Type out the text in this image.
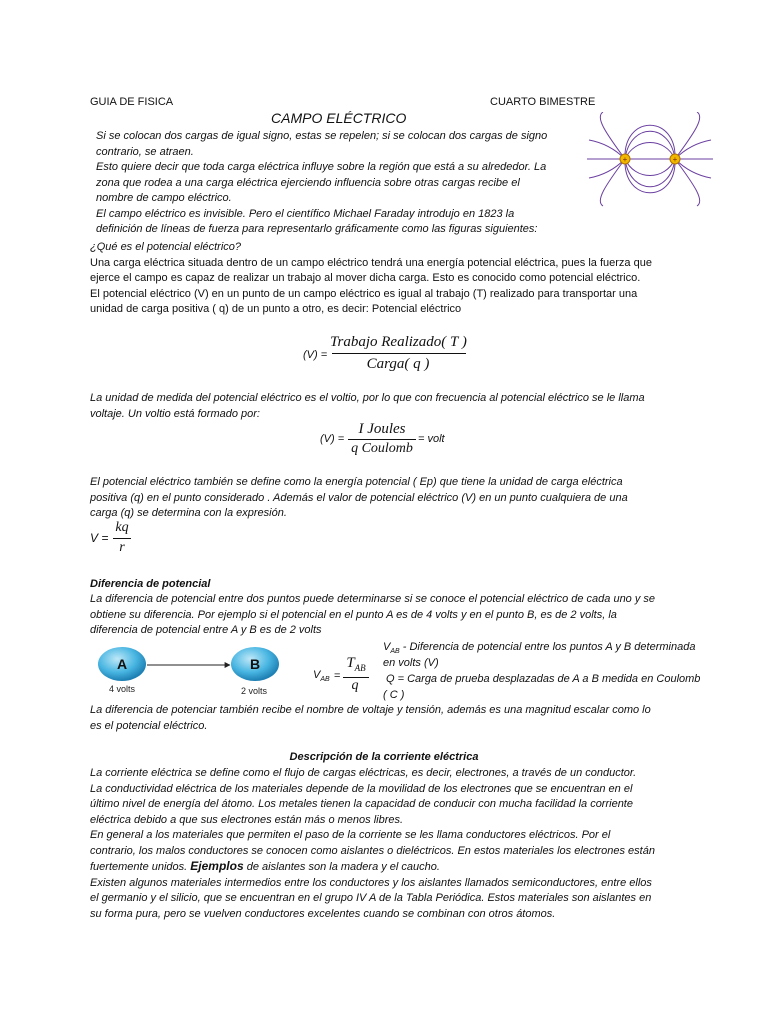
GUIA DE FISICA	CUARTO BIMESTRE
CAMPO ELÉCTRICO
Si se colocan dos cargas de igual signo, estas se repelen; si se colocan dos cargas de signo
contrario, se atraen.
Esto quiere decir que toda carga eléctrica influye sobre la región que está a su alrededor. La
zona que rodea a una carga eléctrica ejerciendo influencia sobre otras cargas recibe el
nombre de campo eléctrico.
El campo eléctrico es invisible. Pero el científico Michael Faraday introdujo en 1823 la
definición de líneas de fuerza para representarlo gráficamente como las figuras siguientes:
+	+
¿Qué es el potencial eléctrico?
Una carga eléctrica situada dentro de un campo eléctrico tendrá una energía potencial eléctrica, pues la fuerza que
ejerce el campo es capaz de realizar un trabajo al mover dicha carga. Esto es conocido como potencial eléctrico.
El potencial eléctrico (V) en un punto de un campo eléctrico es igual al trabajo (T) realizado para transportar una
unidad de carga positiva ( q) de un punto a otro, es decir: Potencial eléctrico
(V) =
Trabajo Realizado( T )
Carga( q )
La unidad de medida del potencial eléctrico es el voltio, por lo que con frecuencia al potencial eléctrico se le llama
voltaje. Un voltio está formado por:
(V) =
I Joules
q Coulomb
= volt
El potencial eléctrico también se define como la energía potencial ( Ep) que tiene la unidad de carga eléctrica
positiva (q) en el punto considerado . Además el valor de potencial eléctrico (V) en un punto cualquiera de una
carga (q) se determina con la expresión.
V =
kq
r
Diferencia de potencial
La diferencia de potencial entre dos puntos puede determinarse si se conoce el potencial eléctrico de cada uno y se
obtiene su diferencia. Por ejemplo si el potencial en el punto A es de 4 volts y en el punto B, es de 2 volts, la
diferencia de potencial entre A y B es de 2 volts
A	B
4 volts	2 volts
$V_{AB}$ =
$T_{AB}$
q
$V_{AB}$ - Diferencia de potencial entre los puntos A y B determinada
en volts (V)
Q = Carga de prueba desplazadas de A a B medida en Coulomb
( C )
La diferencia de potenciar también recibe el nombre de voltaje y tensión, además es una magnitud escalar como lo
es el potencial eléctrico.
Descripción de la corriente eléctrica
La corriente eléctrica se define como el flujo de cargas eléctricas, es decir, electrones, a través de un conductor.
La conductividad eléctrica de los materiales depende de la movilidad de los electrones que se encuentran en el
último nivel de energía del átomo. Los metales tienen la capacidad de conducir con mucha facilidad la corriente
eléctrica debido a que sus electrones están más o menos libres.
En general a los materiales que permiten el paso de la corriente se les llama conductores eléctricos. Por el
contrario, los malos conductores se conocen como aislantes o dieléctricos. En estos materiales los electrones están
fuertemente unidos. Ejemplos de aislantes son la madera y el caucho.
Existen algunos materiales intermedios entre los conductores y los aislantes llamados semiconductores, entre ellos
el germanio y el silicio, que se encuentran en el grupo IV A de la Tabla Periódica. Estos materiales son aislantes en
su forma pura, pero se vuelven conductores excelentes cuando se combinan con otros átomos.
